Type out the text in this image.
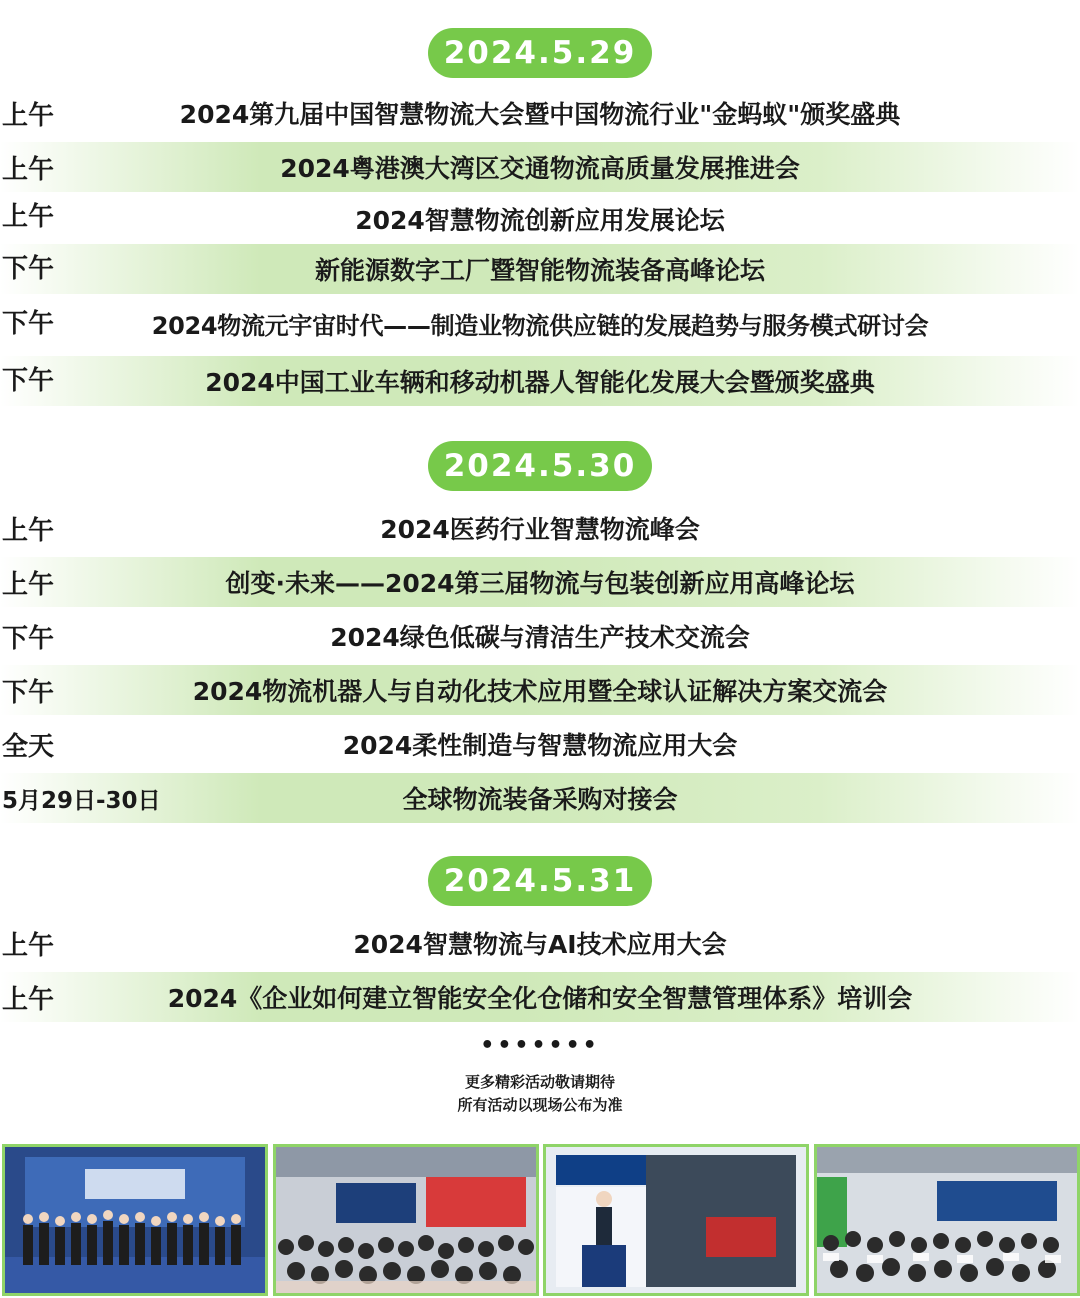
2024.5.29
上午	2024第九届中国智慧物流大会暨中国物流行业"金蚂蚁"颁奖盛典
上午	2024粤港澳大湾区交通物流高质量发展推进会
上午	2024智慧物流创新应用发展论坛
下午	新能源数字工厂暨智能物流装备高峰论坛
下午	2024物流元宇宙时代——制造业物流供应链的发展趋势与服务模式研讨会
下午	2024中国工业车辆和移动机器人智能化发展大会暨颁奖盛典
2024.5.30
上午	2024医药行业智慧物流峰会
上午	创变·未来——2024第三届物流与包装创新应用高峰论坛
下午	2024绿色低碳与清洁生产技术交流会
下午	2024物流机器人与自动化技术应用暨全球认证解决方案交流会
全天	2024柔性制造与智慧物流应用大会
5月29日-30日	全球物流装备采购对接会
2024.5.31
上午	2024智慧物流与AI技术应用大会
上午	2024《企业如何建立智能安全化仓储和安全智慧管理体系》培训会
•••••••
更多精彩活动敬请期待
所有活动以现场公布为准
